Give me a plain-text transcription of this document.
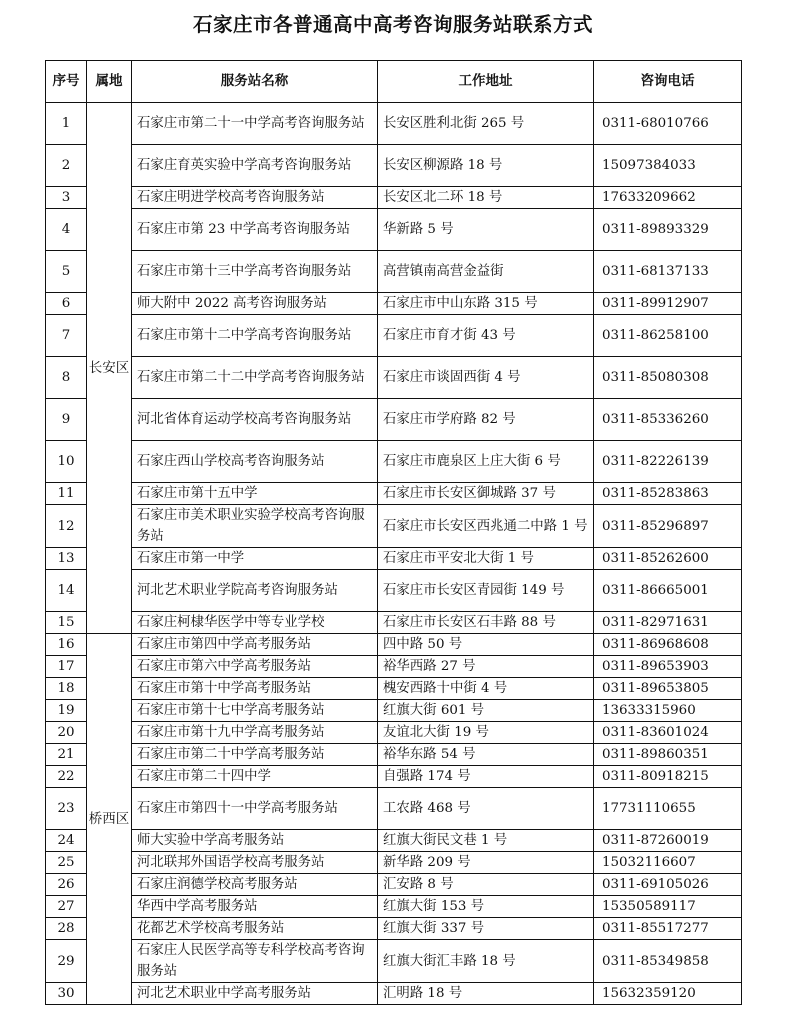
石家庄市各普通高中高考咨询服务站联系方式
序号	属地	服务站名称	工作地址	咨询电话
1	长安区	石家庄市第二十一中学高考咨询服务站	长安区胜利北街 265 号	0311-68010766
2		石家庄育英实验中学高考咨询服务站	长安区柳源路 18 号	15097384033
3		石家庄明进学校高考咨询服务站	长安区北二环 18 号	17633209662
4		石家庄市第 23 中学高考咨询服务站	华新路 5 号	0311-89893329
5		石家庄市第十三中学高考咨询服务站	高营镇南高营金益街	0311-68137133
6		师大附中 2022 高考咨询服务站	石家庄市中山东路 315 号	0311-89912907
7		石家庄市第十二中学高考咨询服务站	石家庄市育才街 43 号	0311-86258100
8		石家庄市第二十二中学高考咨询服务站	石家庄市谈固西街 4 号	0311-85080308
9		河北省体育运动学校高考咨询服务站	石家庄市学府路 82 号	0311-85336260
10		石家庄西山学校高考咨询服务站	石家庄市鹿泉区上庄大街 6 号	0311-82226139
11		石家庄市第十五中学	石家庄市长安区御城路 37 号	0311-85283863
12		石家庄市美术职业实验学校高考咨询服务站	石家庄市长安区西兆通二中路 1 号	0311-85296897
13		石家庄市第一中学	石家庄市平安北大街 1 号	0311-85262600
14		河北艺术职业学院高考咨询服务站	石家庄市长安区青园街 149 号	0311-86665001
15		石家庄柯棣华医学中等专业学校	石家庄市长安区石丰路 88 号	0311-82971631
16	桥西区	石家庄市第四中学高考服务站	四中路 50 号	0311-86968608
17		石家庄市第六中学高考服务站	裕华西路 27 号	0311-89653903
18		石家庄市第十中学高考服务站	槐安西路十中街 4 号	0311-89653805
19		石家庄市第十七中学高考服务站	红旗大街 601 号	13633315960
20		石家庄市第十九中学高考服务站	友谊北大街 19 号	0311-83601024
21		石家庄市第二十中学高考服务站	裕华东路 54 号	0311-89860351
22		石家庄市第二十四中学	自强路 174 号	0311-80918215
23		石家庄市第四十一中学高考服务站	工农路 468 号	17731110655
24		师大实验中学高考服务站	红旗大街民文巷 1 号	0311-87260019
25		河北联邦外国语学校高考服务站	新华路 209 号	15032116607
26		石家庄润德学校高考服务站	汇安路 8 号	0311-69105026
27		华西中学高考服务站	红旗大街 153 号	15350589117
28		花都艺术学校高考服务站	红旗大街 337 号	0311-85517277
29		石家庄人民医学高等专科学校高考咨询服务站	红旗大街汇丰路 18 号	0311-85349858
30		河北艺术职业中学高考服务站	汇明路 18 号	15632359120
